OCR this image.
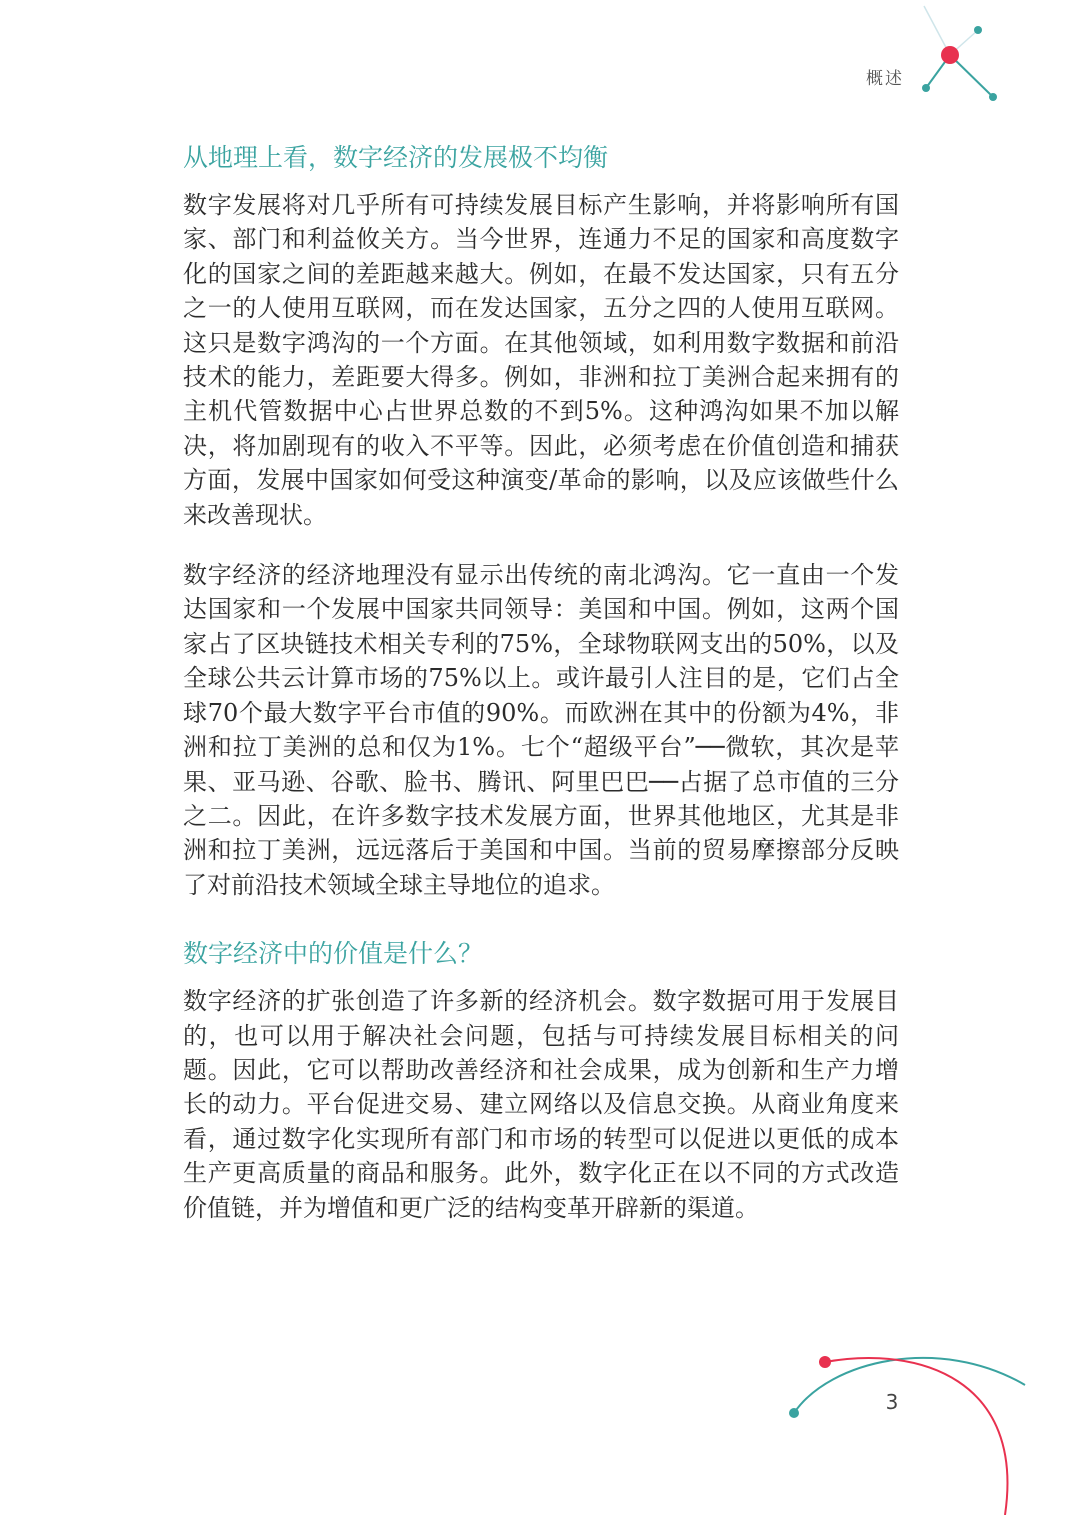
概述
从地理上看，数字经济的发展极不均衡

数字发展将对几乎所有可持续发展目标产生影响，并将影响所有国家、部门和利益攸关方。当今世界，连通力不足的国家和高度数字化的国家之间的差距越来越大。例如，在最不发达国家，只有五分之一的人使用互联网，而在发达国家，五分之四的人使用互联网。这只是数字鸿沟的一个方面。在其他领域，如利用数字数据和前沿技术的能力，差距要大得多。例如，非洲和拉丁美洲合起来拥有的主机代管数据中心占世界总数的不到5%。这种鸿沟如果不加以解决，将加剧现有的收入不平等。因此，必须考虑在价值创造和捕获方面，发展中国家如何受这种演变/革命的影响，以及应该做些什么来改善现状。

数字经济的经济地理没有显示出传统的南北鸿沟。它一直由一个发达国家和一个发展中国家共同领导：美国和中国。例如，这两个国家占了区块链技术相关专利的75%，全球物联网支出的50%，以及全球公共云计算市场的75%以上。或许最引人注目的是，它们占全球70个最大数字平台市值的90%。而欧洲在其中的份额为4%，非洲和拉丁美洲的总和仅为1%。七个“超级平台”──微软，其次是苹果、亚马逊、谷歌、脸书、腾讯、阿里巴巴──占据了总市值的三分之二。因此，在许多数字技术发展方面，世界其他地区，尤其是非洲和拉丁美洲，远远落后于美国和中国。当前的贸易摩擦部分反映了对前沿技术领域全球主导地位的追求。

数字经济中的价值是什么？

数字经济的扩张创造了许多新的经济机会。数字数据可用于发展目的，也可以用于解决社会问题，包括与可持续发展目标相关的问题。因此，它可以帮助改善经济和社会成果，成为创新和生产力增长的动力。平台促进交易、建立网络以及信息交换。从商业角度来看，通过数字化实现所有部门和市场的转型可以促进以更低的成本生产更高质量的商品和服务。此外，数字化正在以不同的方式改造价值链，并为增值和更广泛的结构变革开辟新的渠道。

3
